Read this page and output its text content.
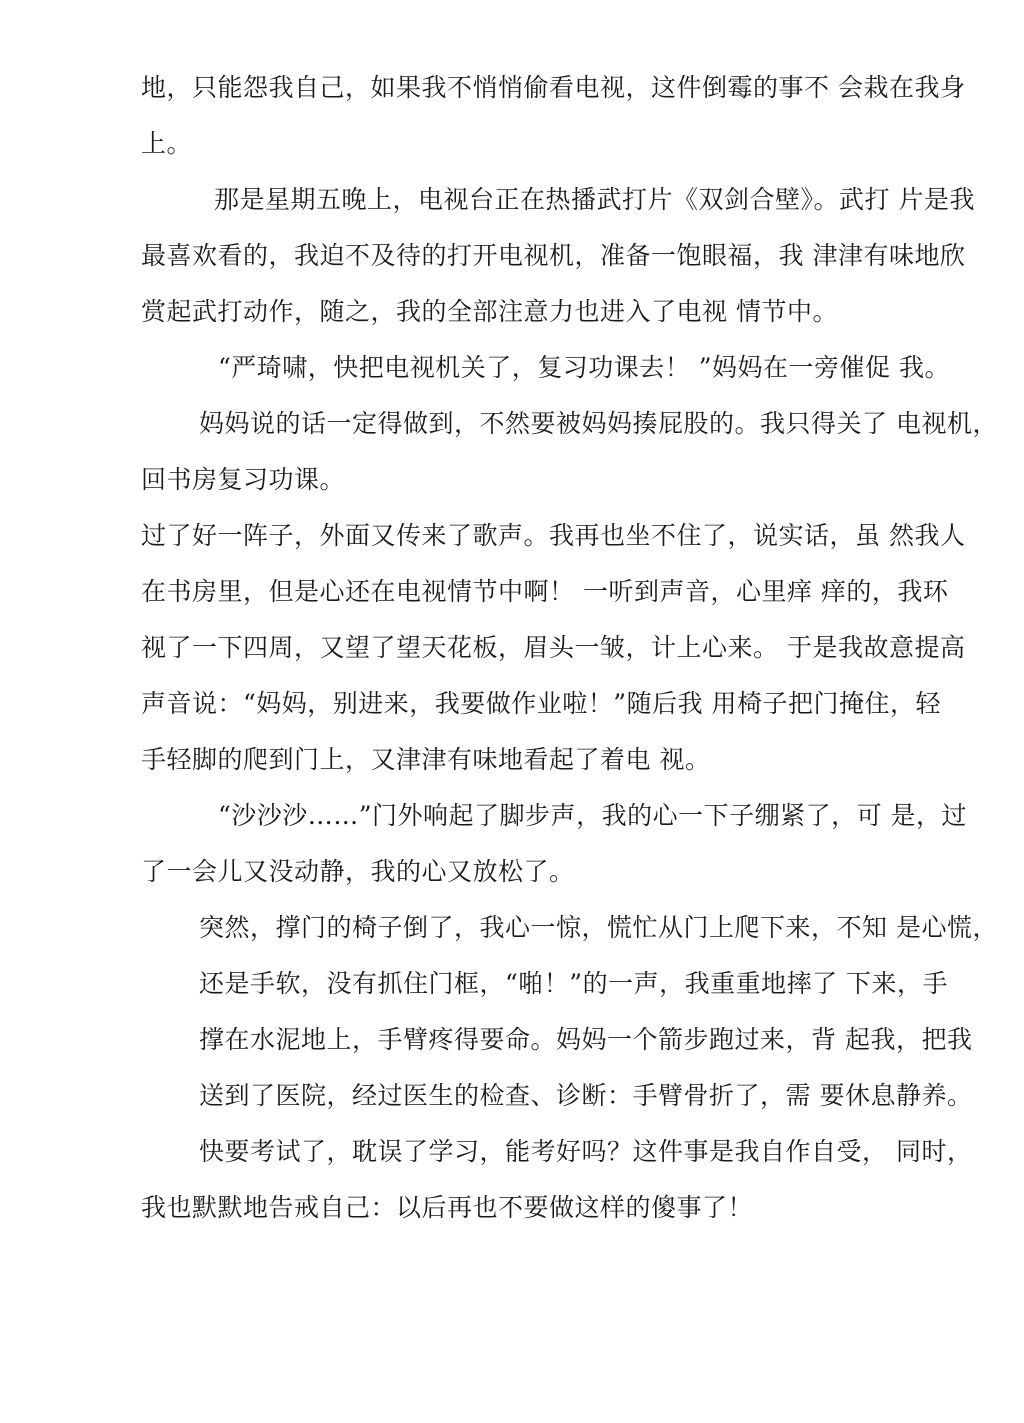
地，只能怨我自己，如果我不悄悄偷看电视，这件倒霉的事不 会栽在我身
上。
那是星期五晚上，电视台正在热播武打片《双剑合壁》。武打 片是我
最喜欢看的，我迫不及待的打开电视机，准备一饱眼福，我 津津有味地欣
赏起武打动作，随之，我的全部注意力也进入了电视 情节中。
“严琦啸，快把电视机关了，复习功课去！ ”妈妈在一旁催促 我。
妈妈说的话一定得做到，不然要被妈妈揍屁股的。我只得关了 电视机，
回书房复习功课。
过了好一阵子，外面又传来了歌声。我再也坐不住了，说实话，虽 然我人
在书房里，但是心还在电视情节中啊！ 一听到声音，心里痒 痒的，我环
视了一下四周，又望了望天花板，眉头一皱，计上心来。 于是我故意提高
声音说：“妈妈，别进来，我要做作业啦！”随后我 用椅子把门掩住，轻
手轻脚的爬到门上，又津津有味地看起了着电 视。
“沙沙沙……”门外响起了脚步声，我的心一下子绷紧了，可 是，过
了一会儿又没动静，我的心又放松了。
突然，撑门的椅子倒了，我心一惊，慌忙从门上爬下来，不知 是心慌，
还是手软，没有抓住门框，“啪！”的一声，我重重地摔了 下来，手
撑在水泥地上，手臂疼得要命。妈妈一个箭步跑过来，背 起我，把我
送到了医院，经过医生的检查、诊断：手臂骨折了，需 要休息静养。
快要考试了，耽误了学习，能考好吗？这件事是我自作自受， 同时，
我也默默地告戒自己：以后再也不要做这样的傻事了！
